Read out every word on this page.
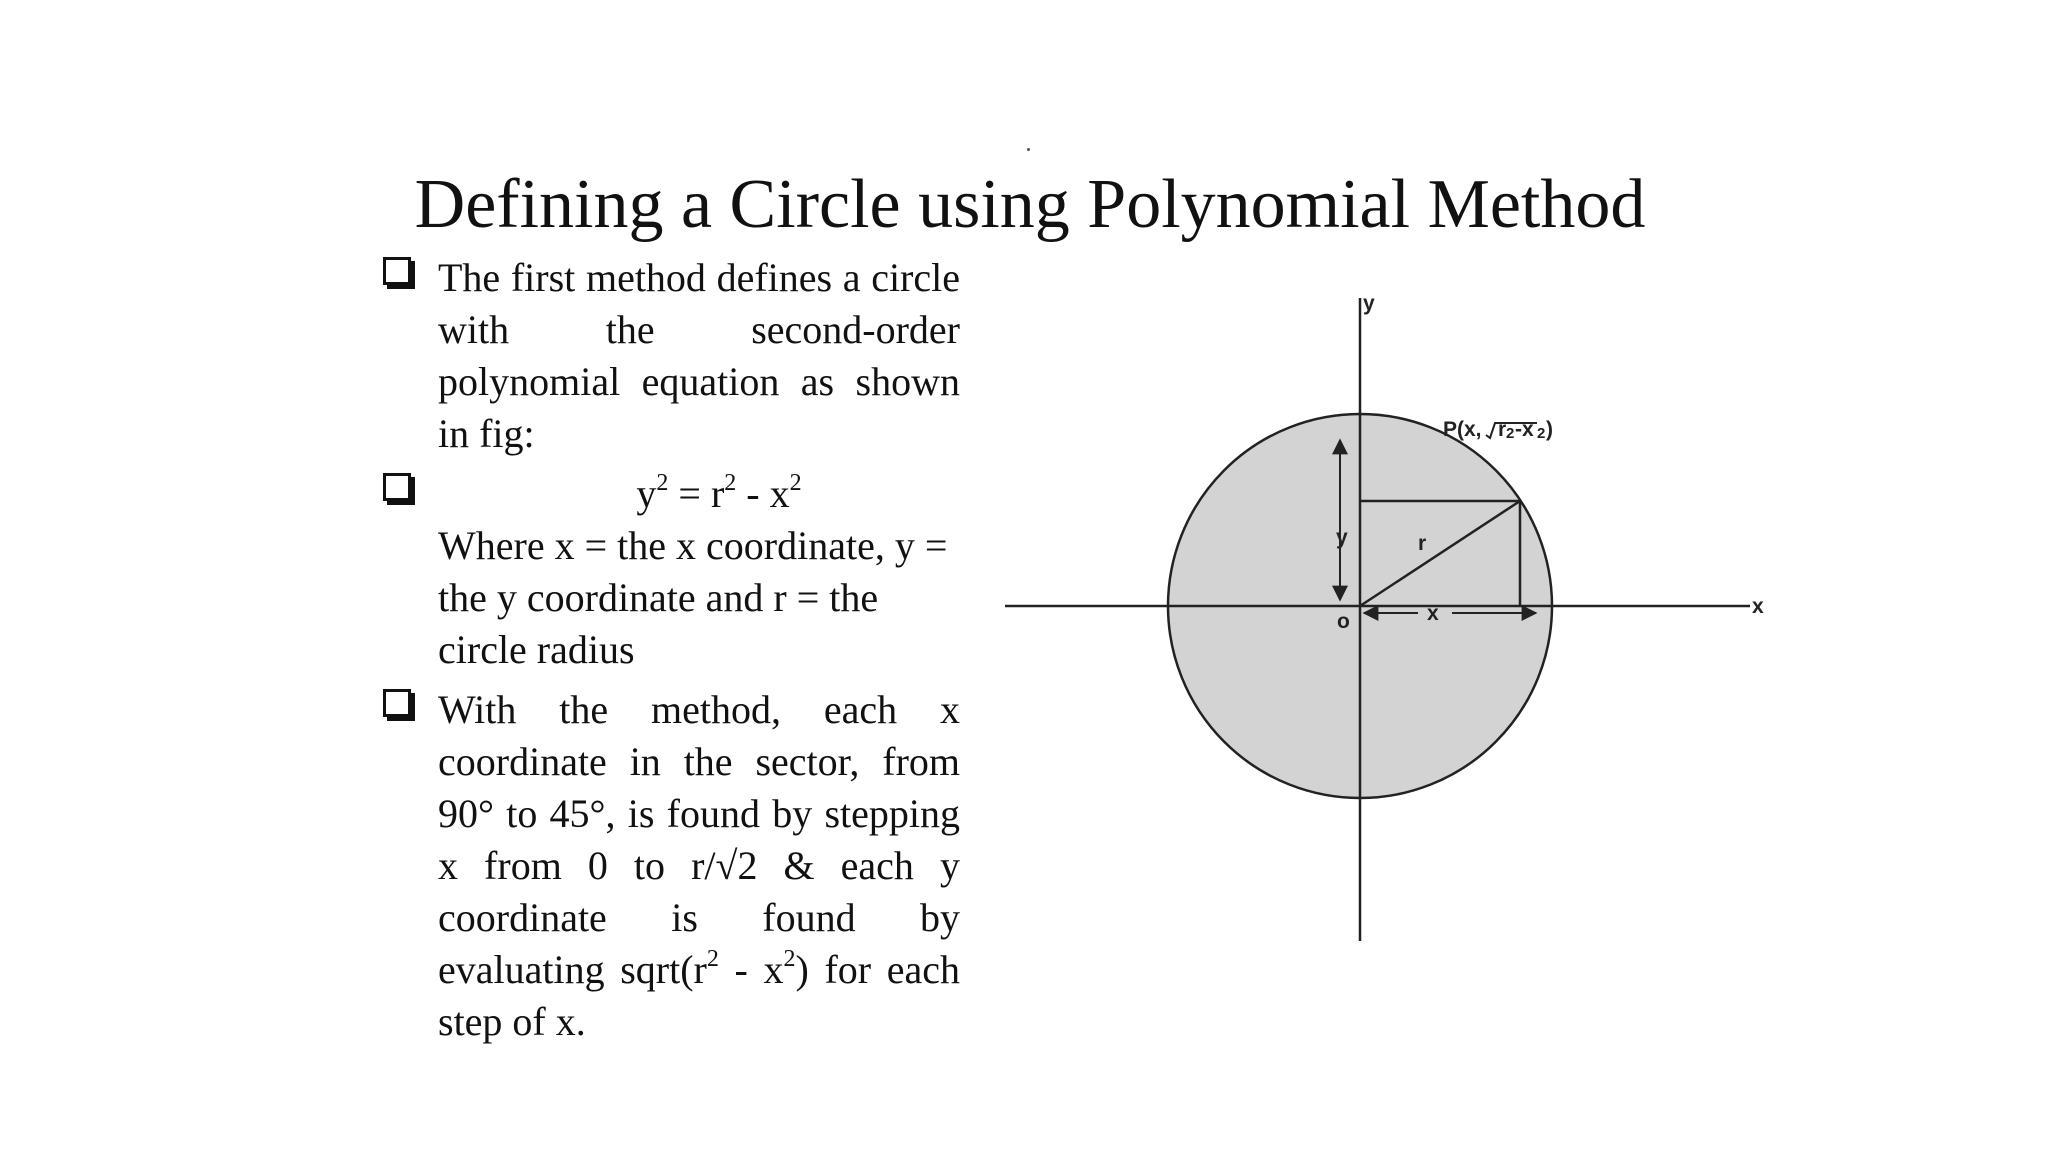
Defining a Circle using Polynomial Method

The first method defines a circle with the second-order polynomial equation as shown in fig:

$y^2 = r^2 - x^2$

Where x = the x coordinate, y = the y coordinate and r = the circle radius

With the method, each x coordinate in the sector, from 90° to 45°, is found by stepping x from 0 to r/√2 & each y coordinate is found by evaluating $sqrt(r^2 - x^2)$ for each step of x.

y
x
o
r
y
x
P(x, r 2 -x 2 )
